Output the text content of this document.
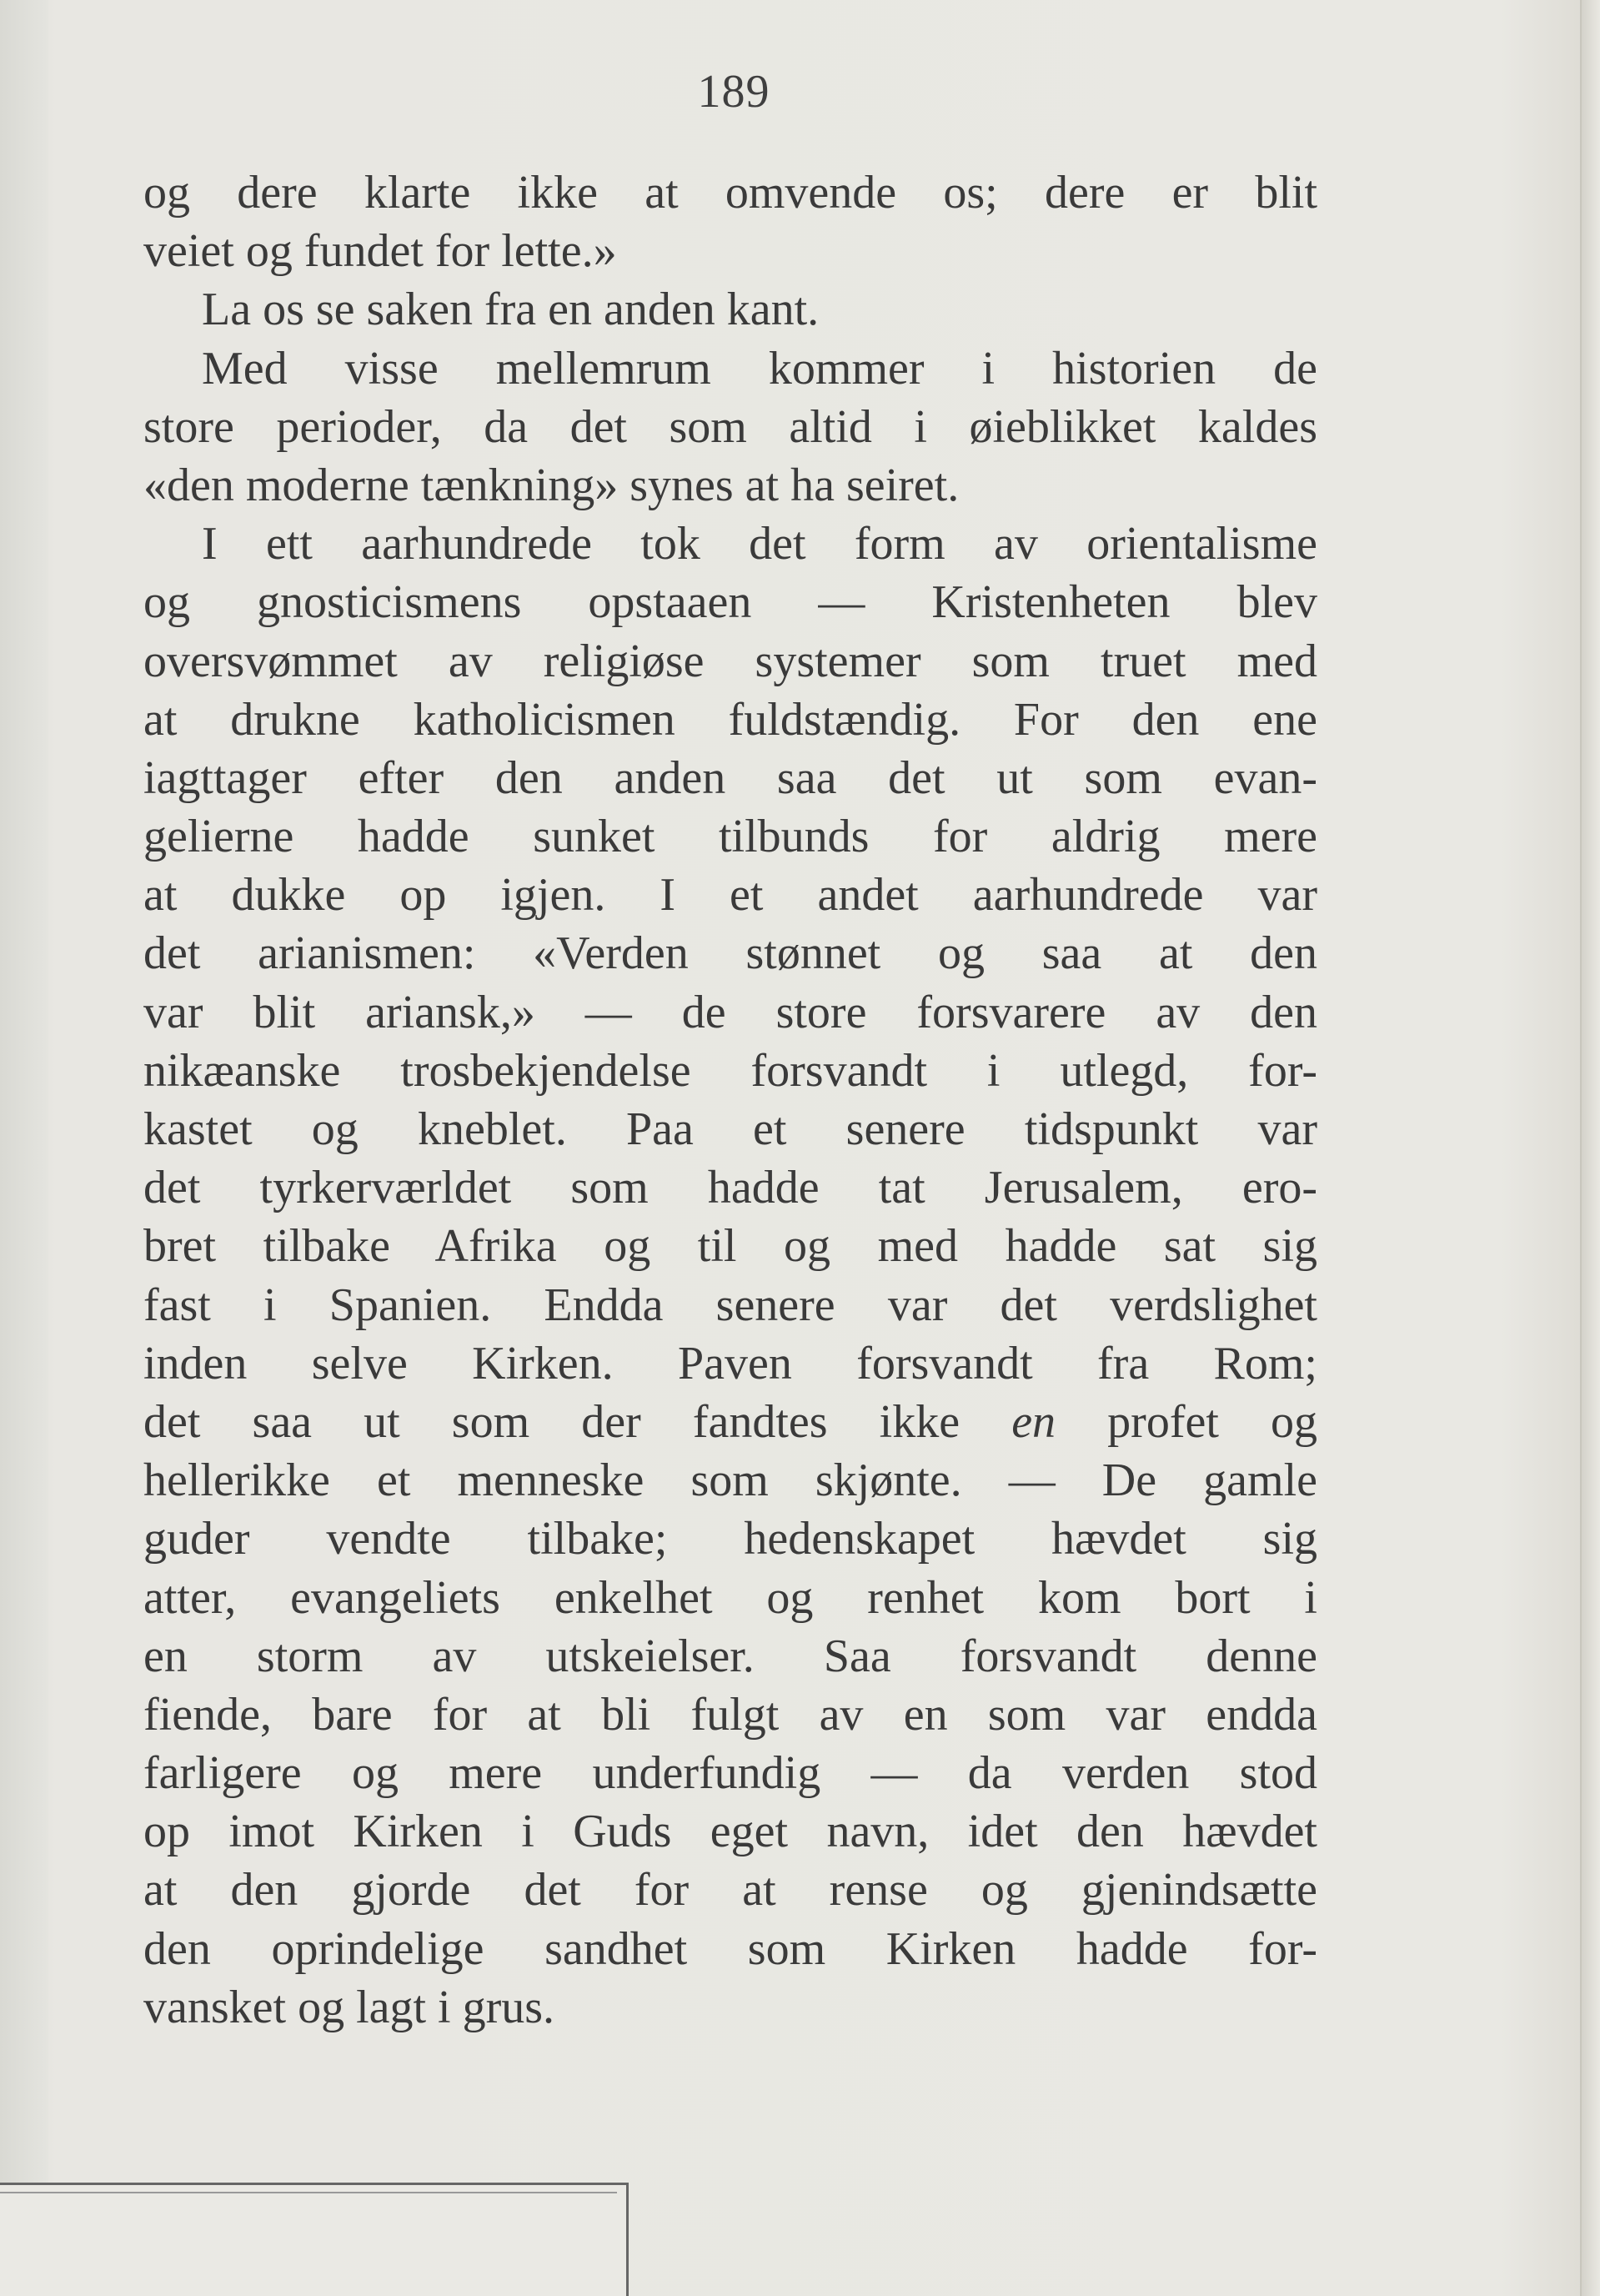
189
og dere klarte ikke at omvende os; dere er blit
veiet og fundet for lette.»
La os se saken fra en anden kant.
Med visse mellemrum kommer i historien de
store perioder, da det som altid i øieblikket kaldes
«den moderne tænkning» synes at ha seiret.
I ett aarhundrede tok det form av orientalisme
og gnosticismens opstaaen — Kristenheten blev
oversvømmet av religiøse systemer som truet med
at drukne katholicismen fuldstændig. For den ene
iagttager efter den anden saa det ut som evan-
gelierne hadde sunket tilbunds for aldrig mere
at dukke op igjen. I et andet aarhundrede var
det arianismen: «Verden stønnet og saa at den
var blit ariansk,» — de store forsvarere av den
nikæanske trosbekjendelse forsvandt i utlegd, for-
kastet og kneblet. Paa et senere tidspunkt var
det tyrkerværldet som hadde tat Jerusalem, ero-
bret tilbake Afrika og til og med hadde sat sig
fast i Spanien. Endda senere var det verdslighet
inden selve Kirken. Paven forsvandt fra Rom;
det saa ut som der fandtes ikke en profet og
hellerikke et menneske som skjønte. — De gamle
guder vendte tilbake; hedenskapet hævdet sig
atter, evangeliets enkelhet og renhet kom bort i
en storm av utskeielser. Saa forsvandt denne
fiende, bare for at bli fulgt av en som var endda
farligere og mere underfundig — da verden stod
op imot Kirken i Guds eget navn, idet den hævdet
at den gjorde det for at rense og gjenindsætte
den oprindelige sandhet som Kirken hadde for-
vansket og lagt i grus.
